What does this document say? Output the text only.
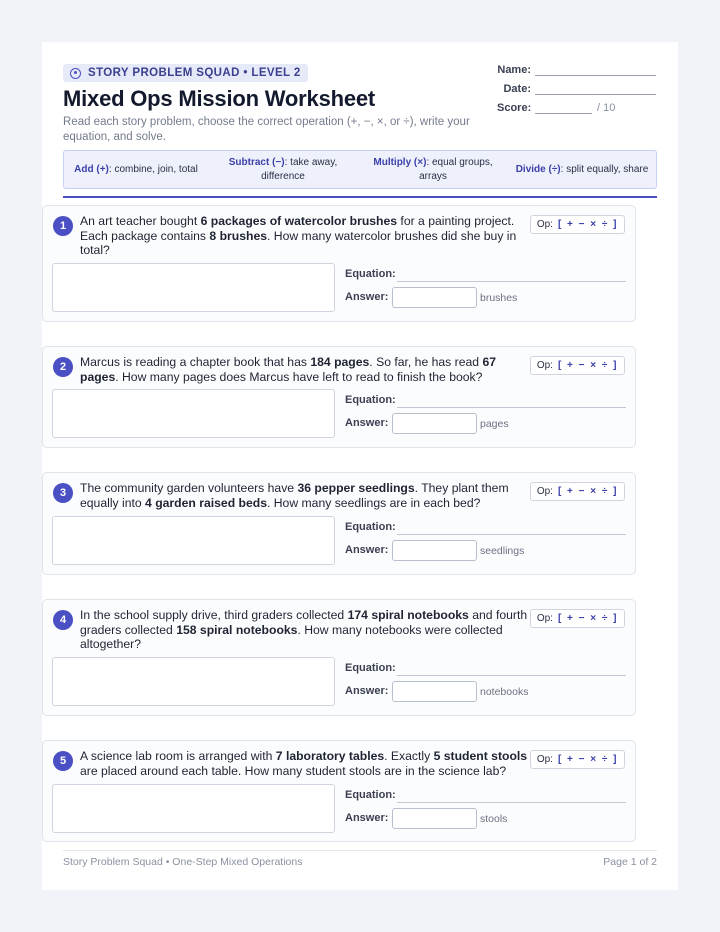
STORY PROBLEM SQUAD • LEVEL 2
Mixed Ops Mission Worksheet
Read each story problem, choose the correct operation (+, −, ×, or ÷), write your equation, and solve.
Name:
Date:
Score:	/ 10
Add (+): combine, join, total
Subtract (−): take away, difference
Multiply (×): equal groups, arrays
Divide (÷): split equally, share
1	An art teacher bought 6 packages of watercolor brushes for a painting project. Each package contains 8 brushes. How many watercolor brushes did she buy in total?
Op: [ + − × ÷ ]
Equation:
Answer:	brushes
2	Marcus is reading a chapter book that has 184 pages. So far, he has read 67 pages. How many pages does Marcus have left to read to finish the book?
Op: [ + − × ÷ ]
Equation:
Answer:	pages
3	The community garden volunteers have 36 pepper seedlings. They plant them equally into 4 garden raised beds. How many seedlings are in each bed?
Op: [ + − × ÷ ]
Equation:
Answer:	seedlings
4	In the school supply drive, third graders collected 174 spiral notebooks and fourth graders collected 158 spiral notebooks. How many notebooks were collected altogether?
Op: [ + − × ÷ ]
Equation:
Answer:	notebooks
5	A science lab room is arranged with 7 laboratory tables. Exactly 5 student stools are placed around each table. How many student stools are in the science lab?
Op: [ + − × ÷ ]
Equation:
Answer:	stools
Story Problem Squad • One-Step Mixed Operations	Page 1 of 2
